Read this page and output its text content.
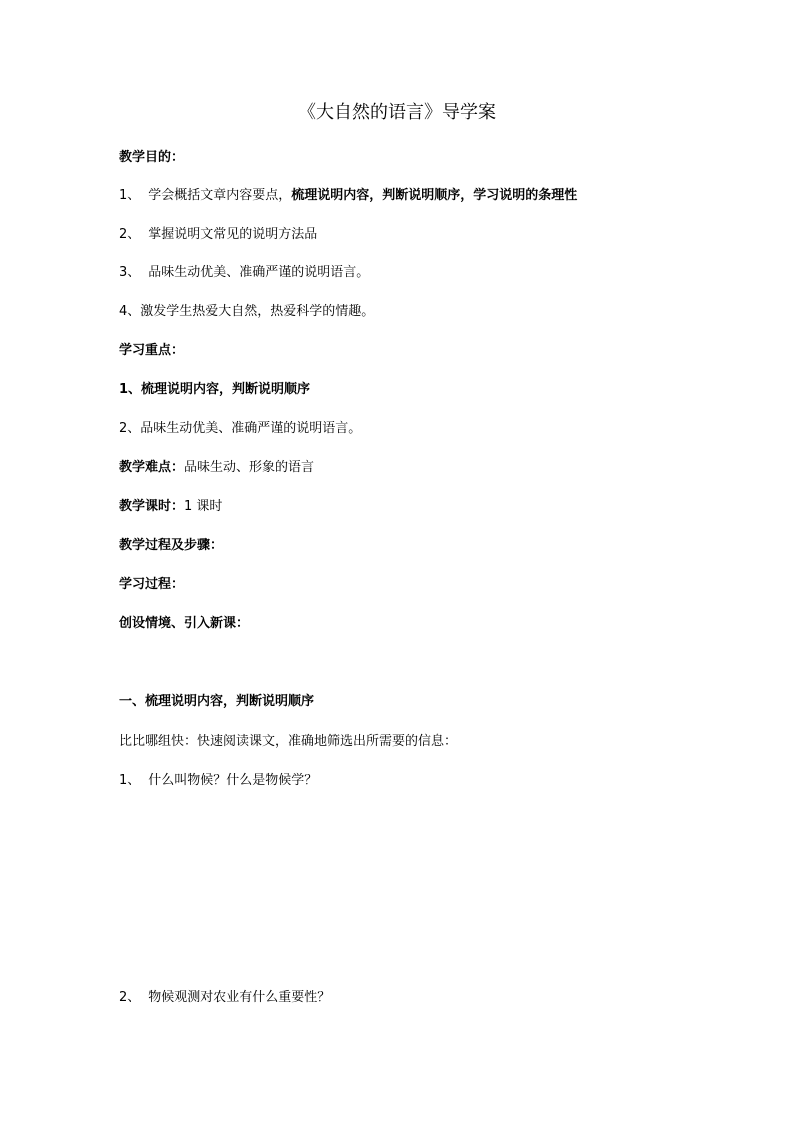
《大自然的语言》导学案
教学目的：
1、 学会概括文章内容要点，梳理说明内容，判断说明顺序，学习说明的条理性
2、 掌握说明文常见的说明方法品
3、 品味生动优美、准确严谨的说明语言。
4、激发学生热爱大自然，热爱科学的情趣。
学习重点：
1、梳理说明内容，判断说明顺序
2、品味生动优美、准确严谨的说明语言。
教学难点：品味生动、形象的语言
教学课时：1 课时
教学过程及步骤：
学习过程：
创设情境、引入新课：
一、梳理说明内容，判断说明顺序
比比哪组快：快速阅读课文，准确地筛选出所需要的信息：
1、 什么叫物候？什么是物候学？
2、 物候观测对农业有什么重要性？
